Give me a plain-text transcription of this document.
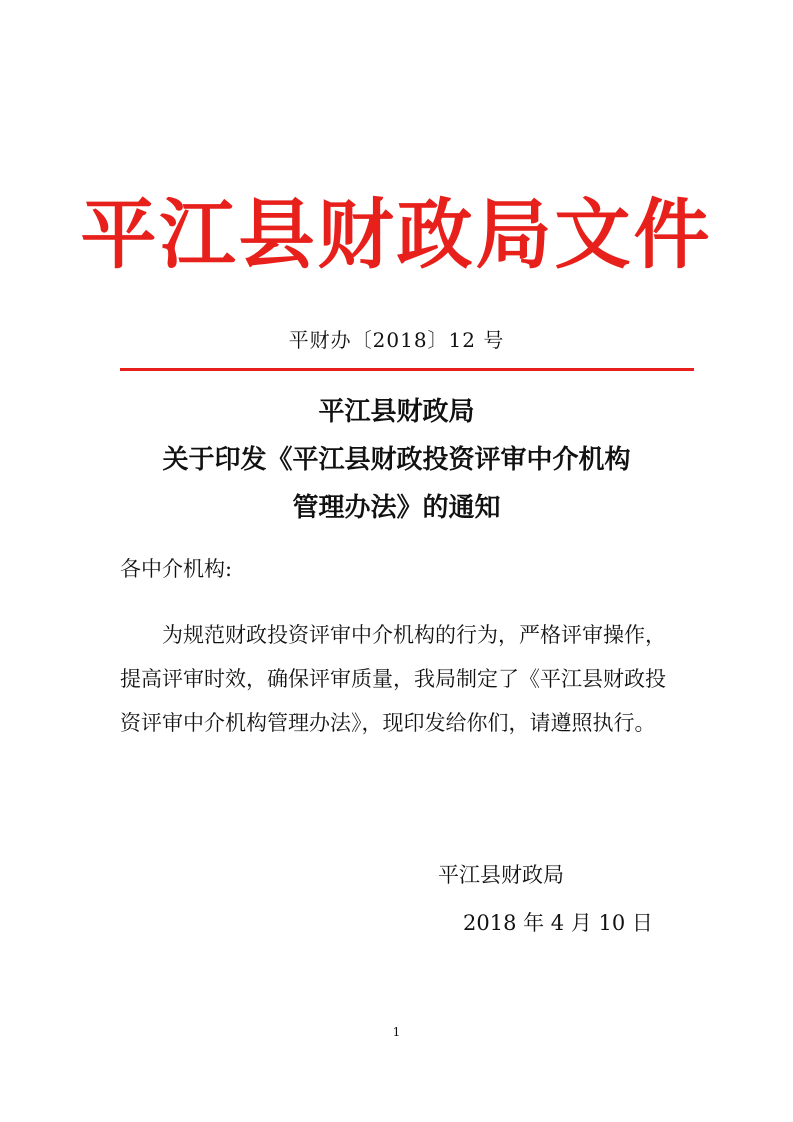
平江县财政局文件
平财办〔2018〕12 号
平江县财政局
关于印发《平江县财政投资评审中介机构
管理办法》的通知
各中介机构:
为规范财政投资评审中介机构的行为，严格评审操作，
提高评审时效，确保评审质量，我局制定了《平江县财政投
资评审中介机构管理办法》，现印发给你们，请遵照执行。
平江县财政局
2018 年 4 月 10 日
1
